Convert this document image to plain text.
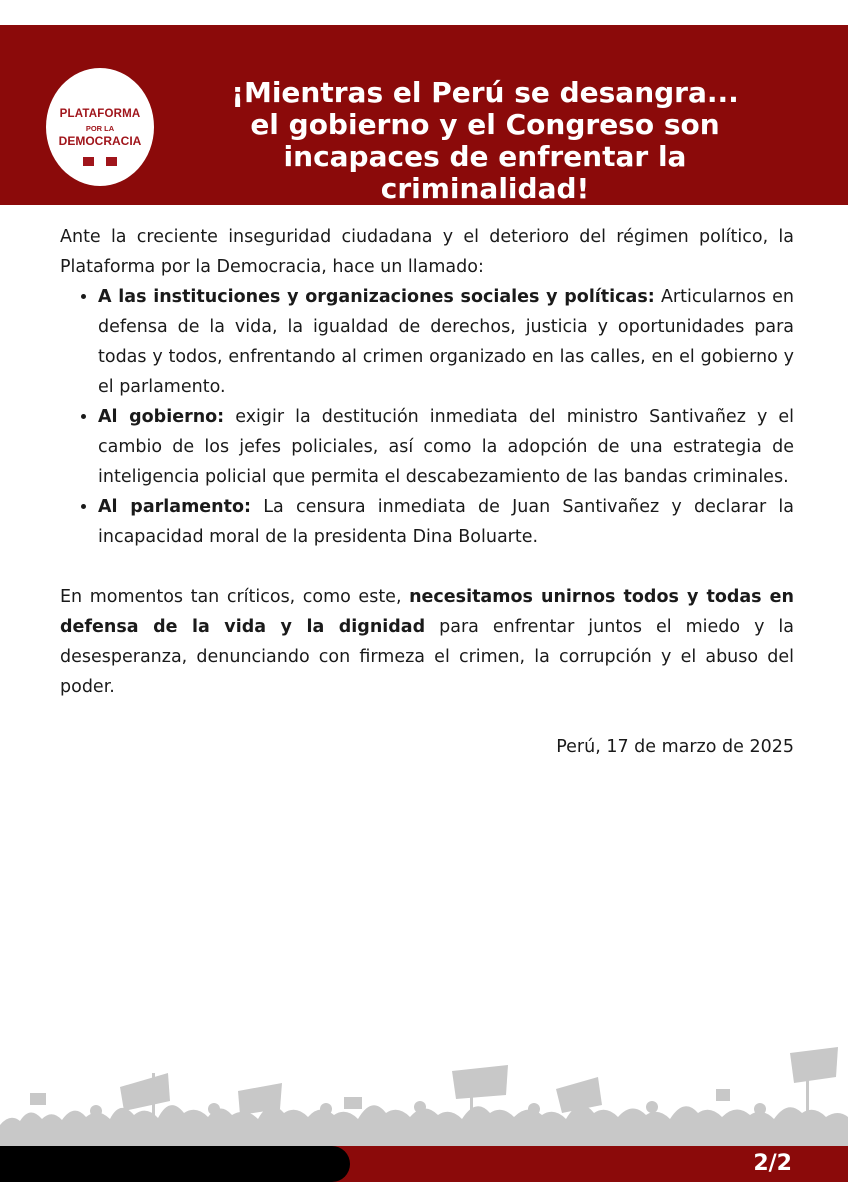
PLATAFORMA
POR LA
DEMOCRACIA
¡Mientras el Perú se desangra...
el gobierno y el Congreso son
incapaces de enfrentar la
criminalidad!

Ante la creciente inseguridad ciudadana y el deterioro del régimen político, la Plataforma por la Democracia, hace un llamado:

• A las instituciones y organizaciones sociales y políticas: Articularnos en defensa de la vida, la igualdad de derechos, justicia y oportunidades para todas y todos, enfrentando al crimen organizado en las calles, en el gobierno y el parlamento.
• Al gobierno: exigir la destitución inmediata del ministro Santivañez y el cambio de los jefes policiales, así como la adopción de una estrategia de inteligencia policial que permita el descabezamiento de las bandas criminales.
• Al parlamento: La censura inmediata de Juan Santivañez y declarar la incapacidad moral de la presidenta Dina Boluarte.

En momentos tan críticos, como este, necesitamos unirnos todos y todas en defensa de la vida y la dignidad para enfrentar juntos el miedo y la desesperanza, denunciando con firmeza el crimen, la corrupción y el abuso del poder.

Perú, 17 de marzo de 2025

2/2
